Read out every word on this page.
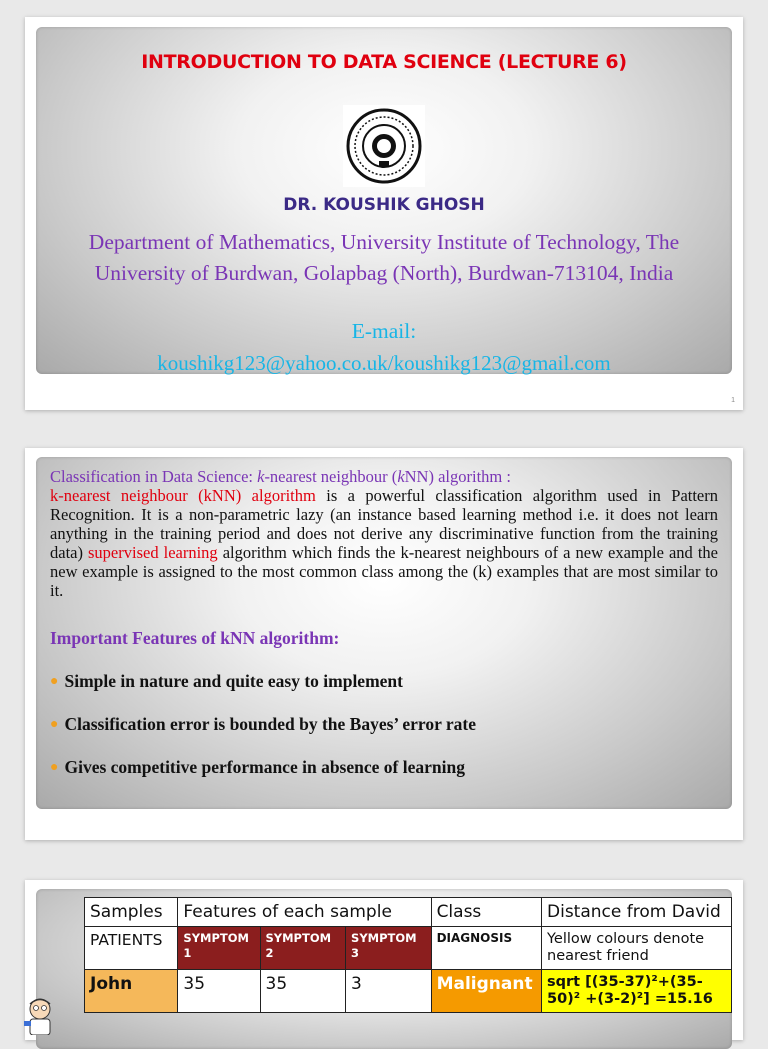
INTRODUCTION TO DATA SCIENCE (LECTURE 6)
DR. KOUSHIK GHOSH
Department of Mathematics, University Institute of Technology, The University of Burdwan, Golapbag (North), Burdwan-713104, India
E-mail:
koushikg123@yahoo.co.uk/koushikg123@gmail.com
1
Classification in Data Science: k-nearest neighbour (kNN) algorithm :
k-nearest neighbour (kNN) algorithm is a powerful classification algorithm used in Pattern Recognition. It is a non-parametric lazy (an instance based learning method i.e. it does not learn anything in the training period and does not derive any discriminative function from the training data) supervised learning algorithm which finds the k-nearest neighbours of a new example and the new example is assigned to the most common class among the (k) examples that are most similar to it.
Important Features of kNN algorithm:
● Simple in nature and quite easy to implement
● Classification error is bounded by the Bayes’ error rate
● Gives competitive performance in absence of learning
Samples	Features of each sample			Class	Distance from David
PATIENTS	SYMPTOM 1	SYMPTOM 2	SYMPTOM 3	DIAGNOSIS	Yellow colours denote nearest friend
John	35	35	3	Malignant	sqrt [(35-37)²+(35-50)² +(3-2)²] =15.16
